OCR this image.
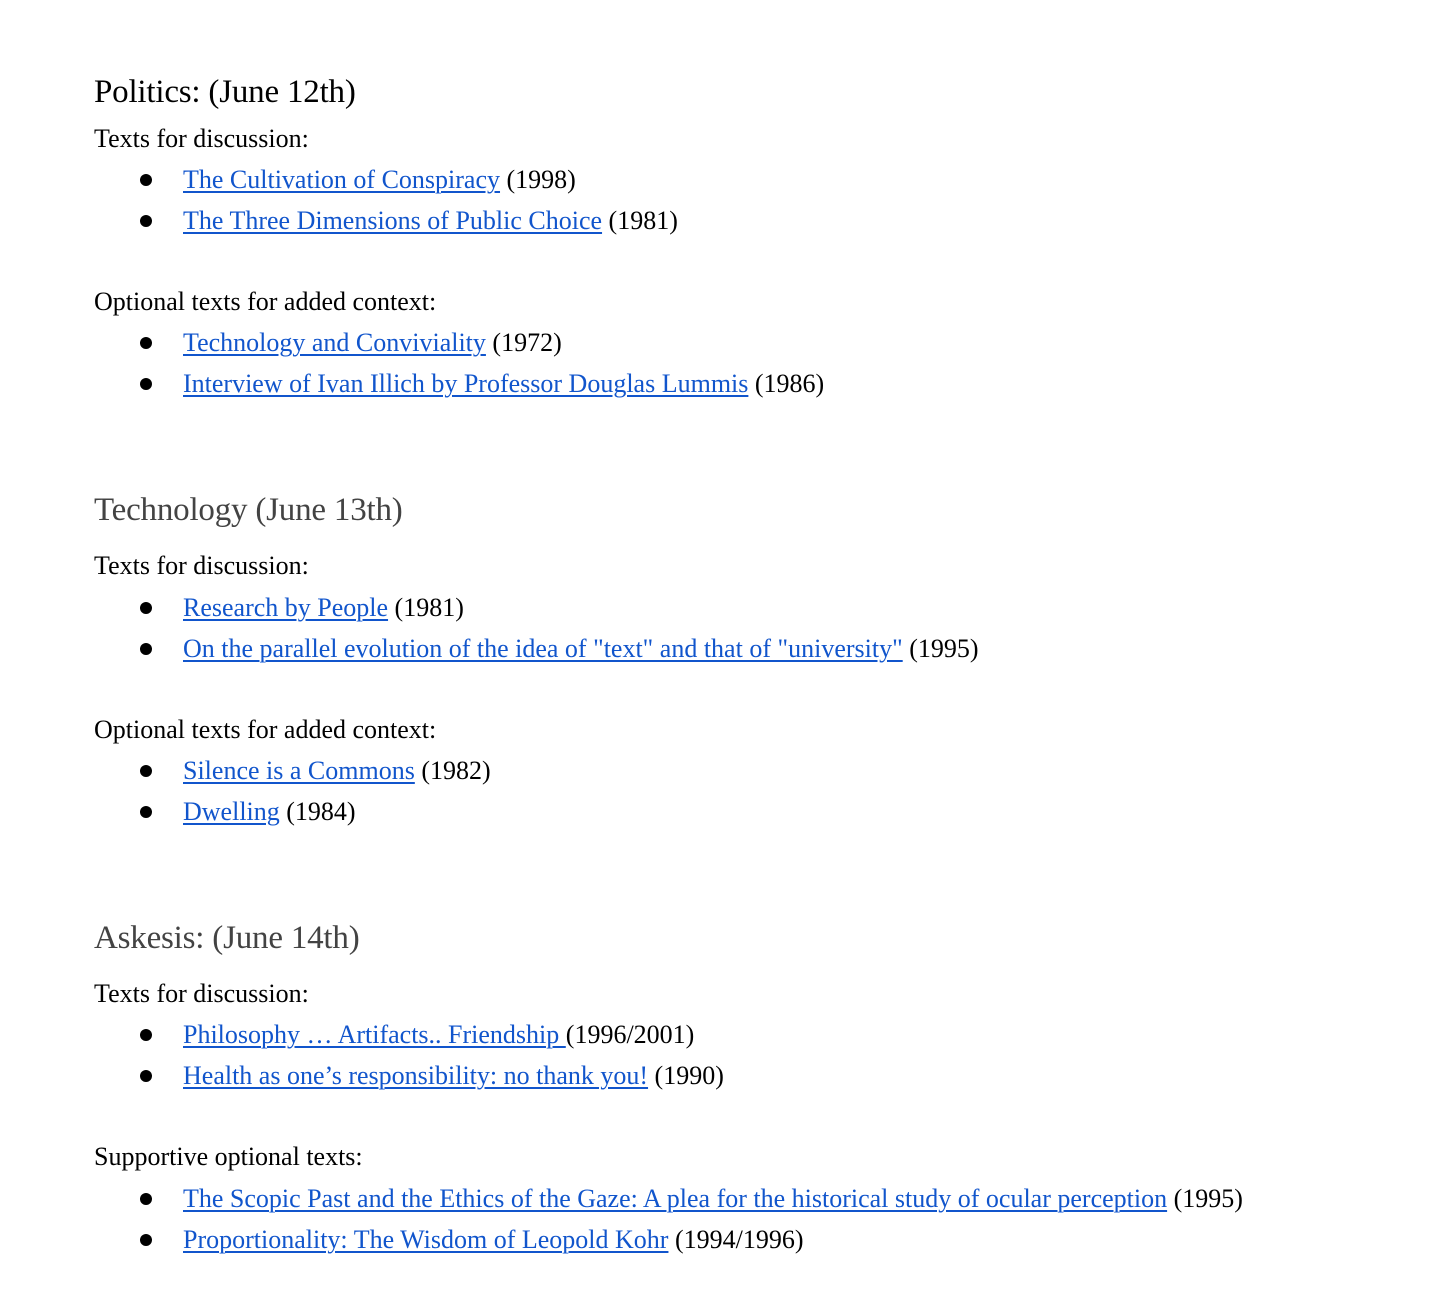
Politics: (June 12th)

Texts for discussion:

The Cultivation of Conspiracy (1998)
The Three Dimensions of Public Choice (1981)

Optional texts for added context:

Technology and Conviviality (1972)
Interview of Ivan Illich by Professor Douglas Lummis (1986)
Technology (June 13th)

Texts for discussion:

Research by People (1981)
On the parallel evolution of the idea of "text" and that of "university" (1995)

Optional texts for added context:

Silence is a Commons (1982)
Dwelling (1984)
Askesis: (June 14th)

Texts for discussion:

Philosophy … Artifacts.. Friendship (1996/2001)
Health as one’s responsibility: no thank you! (1990)

Supportive optional texts:

The Scopic Past and the Ethics of the Gaze: A plea for the historical study of ocular perception (1995)
Proportionality: The Wisdom of Leopold Kohr (1994/1996)
